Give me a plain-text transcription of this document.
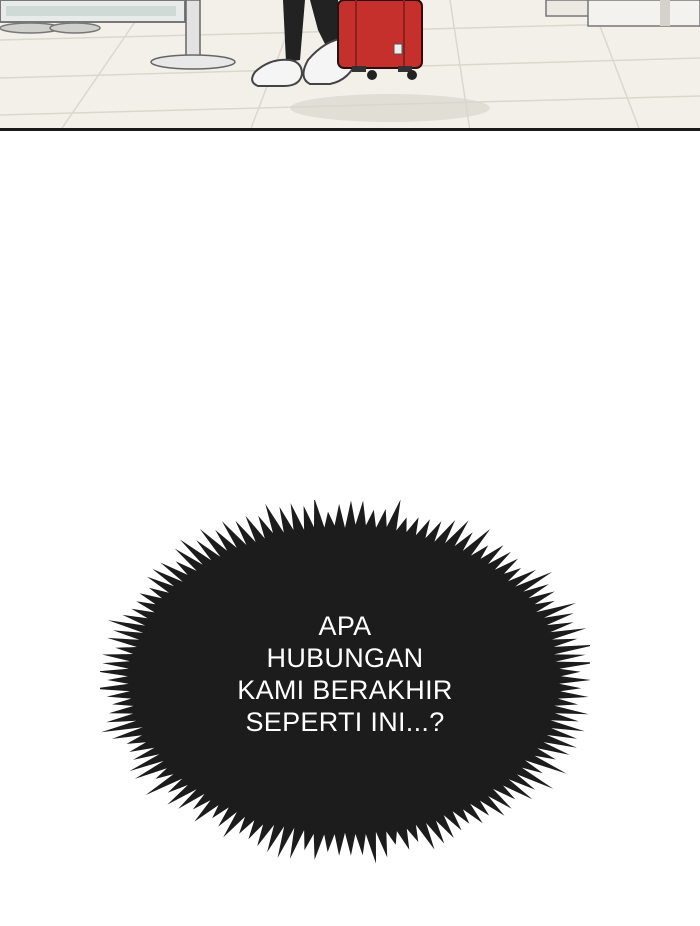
APA
HUBUNGAN
KAMI BERAKHIR
SEPERTI INI...?
